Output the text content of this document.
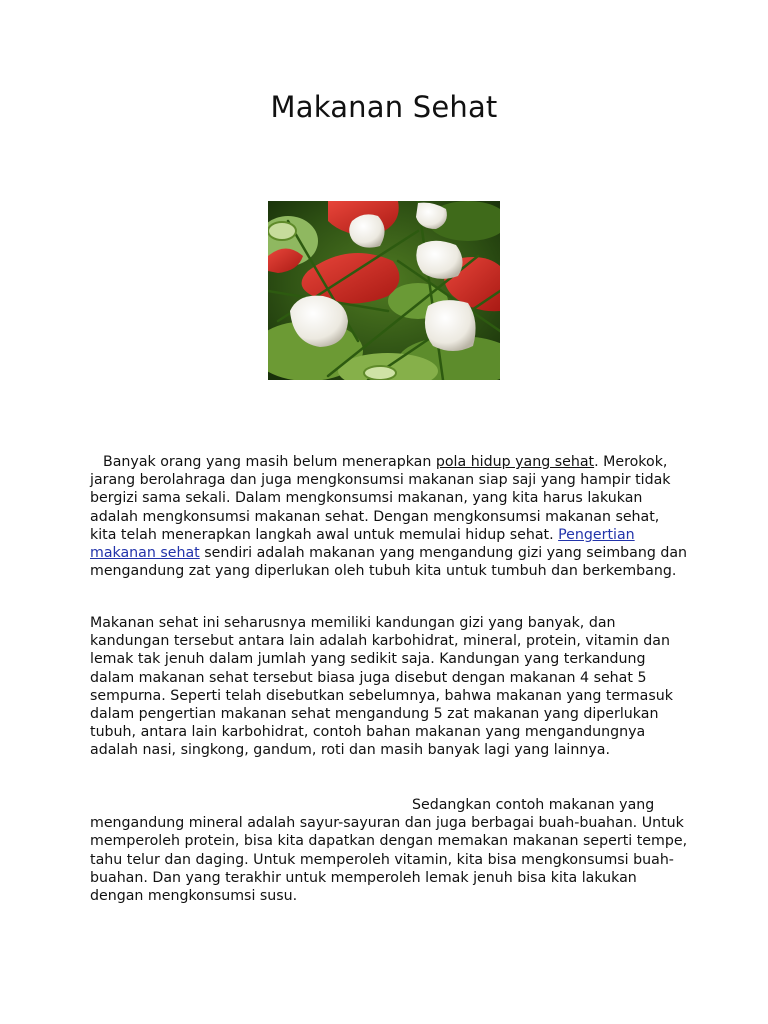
Makanan Sehat
Banyak orang yang masih belum menerapkan pola hidup yang sehat. Merokok, jarang berolahraga dan juga mengkonsumsi makanan siap saji yang hampir tidak bergizi sama sekali. Dalam mengkonsumsi makanan, yang kita harus lakukan adalah mengkonsumsi makanan sehat. Dengan mengkonsumsi makanan sehat, kita telah menerapkan langkah awal untuk memulai hidup sehat. Pengertian makanan sehat sendiri adalah makanan yang mengandung gizi yang seimbang dan mengandung zat yang diperlukan oleh tubuh kita untuk tumbuh dan berkembang.
Makanan sehat ini seharusnya memiliki kandungan gizi yang banyak, dan kandungan tersebut antara lain adalah karbohidrat, mineral, protein, vitamin dan lemak tak jenuh dalam jumlah yang sedikit saja. Kandungan yang terkandung dalam makanan sehat tersebut biasa juga disebut dengan makanan 4 sehat 5 sempurna. Seperti telah disebutkan sebelumnya, bahwa makanan yang termasuk dalam pengertian makanan sehat mengandung 5 zat makanan yang diperlukan tubuh, antara lain karbohidrat, contoh bahan makanan yang mengandungnya adalah nasi, singkong, gandum, roti dan masih banyak lagi yang lainnya.
Sedangkan contoh makanan yang mengandung mineral adalah sayur-sayuran dan juga berbagai buah-buahan. Untuk memperoleh protein, bisa kita dapatkan dengan memakan makanan seperti tempe, tahu telur dan daging. Untuk memperoleh vitamin, kita bisa mengkonsumsi buah-buahan. Dan yang terakhir untuk memperoleh lemak jenuh bisa kita lakukan dengan mengkonsumsi susu.
